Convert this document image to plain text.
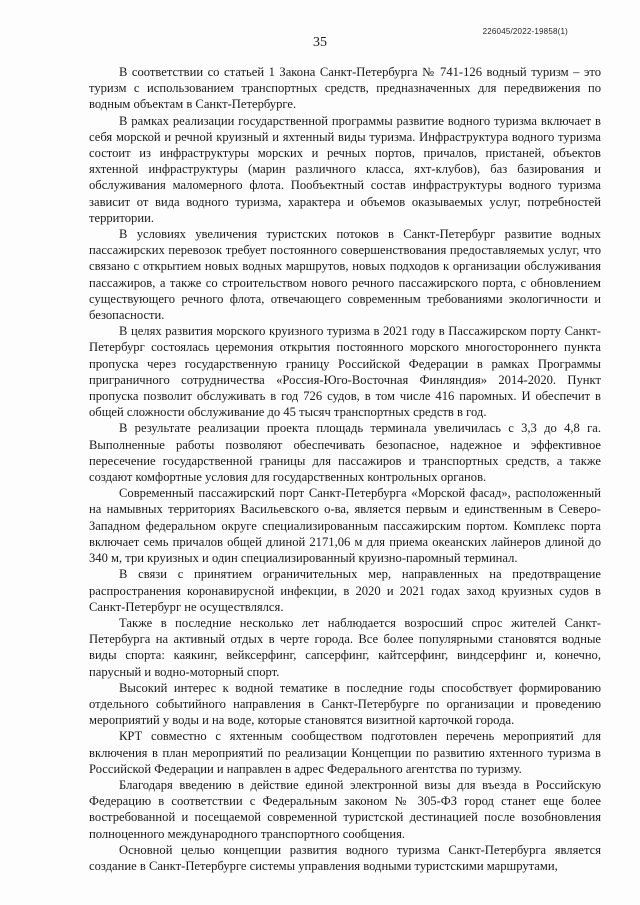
226045/2022-19858(1)
35

В соответствии со статьей 1 Закона Санкт-Петербурга № 741-126 водный туризм – это туризм с использованием транспортных средств, предназначенных для передвижения по водным объектам в Санкт-Петербурге.

В рамках реализации государственной программы развитие водного туризма включает в себя морской и речной круизный и яхтенный виды туризма. Инфраструктура водного туризма состоит из инфраструктуры морских и речных портов, причалов, пристаней, объектов яхтенной инфраструктуры (марин различного класса, яхт-клубов), баз базирования и обслуживания маломерного флота. Пообъектный состав инфраструктуры водного туризма зависит от вида водного туризма, характера и объемов оказываемых услуг, потребностей территории.

В условиях увеличения туристских потоков в Санкт-Петербург развитие водных пассажирских перевозок требует постоянного совершенствования предоставляемых услуг, что связано с открытием новых водных маршрутов, новых подходов к организации обслуживания пассажиров, а также со строительством нового речного пассажирского порта, с обновлением существующего речного флота, отвечающего современным требованиями экологичности и безопасности.

В целях развития морского круизного туризма в 2021 году в Пассажирском порту Санкт-Петербург состоялась церемония открытия постоянного морского многостороннего пункта пропуска через государственную границу Российской Федерации в рамках Программы приграничного сотрудничества «Россия-Юго-Восточная Финляндия» 2014-2020. Пункт пропуска позволит обслуживать в год 726 судов, в том числе 416 паромных. И обеспечит в общей сложности обслуживание до 45 тысяч транспортных средств в год.

В результате реализации проекта площадь терминала увеличилась с 3,3 до 4,8 га. Выполненные работы позволяют обеспечивать безопасное, надежное и эффективное пересечение государственной границы для пассажиров и транспортных средств, а также создают комфортные условия для государственных контрольных органов.

Современный пассажирский порт Санкт-Петербурга «Морской фасад», расположенный на намывных территориях Васильевского о-ва, является первым и единственным в Северо-Западном федеральном округе специализированным пассажирским портом. Комплекс порта включает семь причалов общей длиной 2171,06 м для приема океанских лайнеров длиной до 340 м, три круизных и один специализированный круизно-паромный терминал.

В связи с принятием ограничительных мер, направленных на предотвращение распространения коронавирусной инфекции, в 2020 и 2021 годах заход круизных судов в Санкт-Петербург не осуществлялся.

Также в последние несколько лет наблюдается возросший спрос жителей Санкт-Петербурга на активный отдых в черте города. Все более популярными становятся водные виды спорта: каякинг, вейксерфинг, сапсерфинг, кайтсерфинг, виндсерфинг и, конечно, парусный и водно-моторный спорт.

Высокий интерес к водной тематике в последние годы способствует формированию отдельного событийного направления в Санкт-Петербурге по организации и проведению мероприятий у воды и на воде, которые становятся визитной карточкой города.

КРТ совместно с яхтенным сообществом подготовлен перечень мероприятий для включения в план мероприятий по реализации Концепции по развитию яхтенного туризма в Российской Федерации и направлен в адрес Федерального агентства по туризму.

Благодаря введению в действие единой электронной визы для въезда в Российскую Федерацию в соответствии с Федеральным законом № 305-ФЗ город станет еще более востребованной и посещаемой современной туристской дестинацией после возобновления полноценного международного транспортного сообщения.

Основной целью концепции развития водного туризма Санкт-Петербурга является создание в Санкт-Петербурге системы управления водными туристскими маршрутами,
